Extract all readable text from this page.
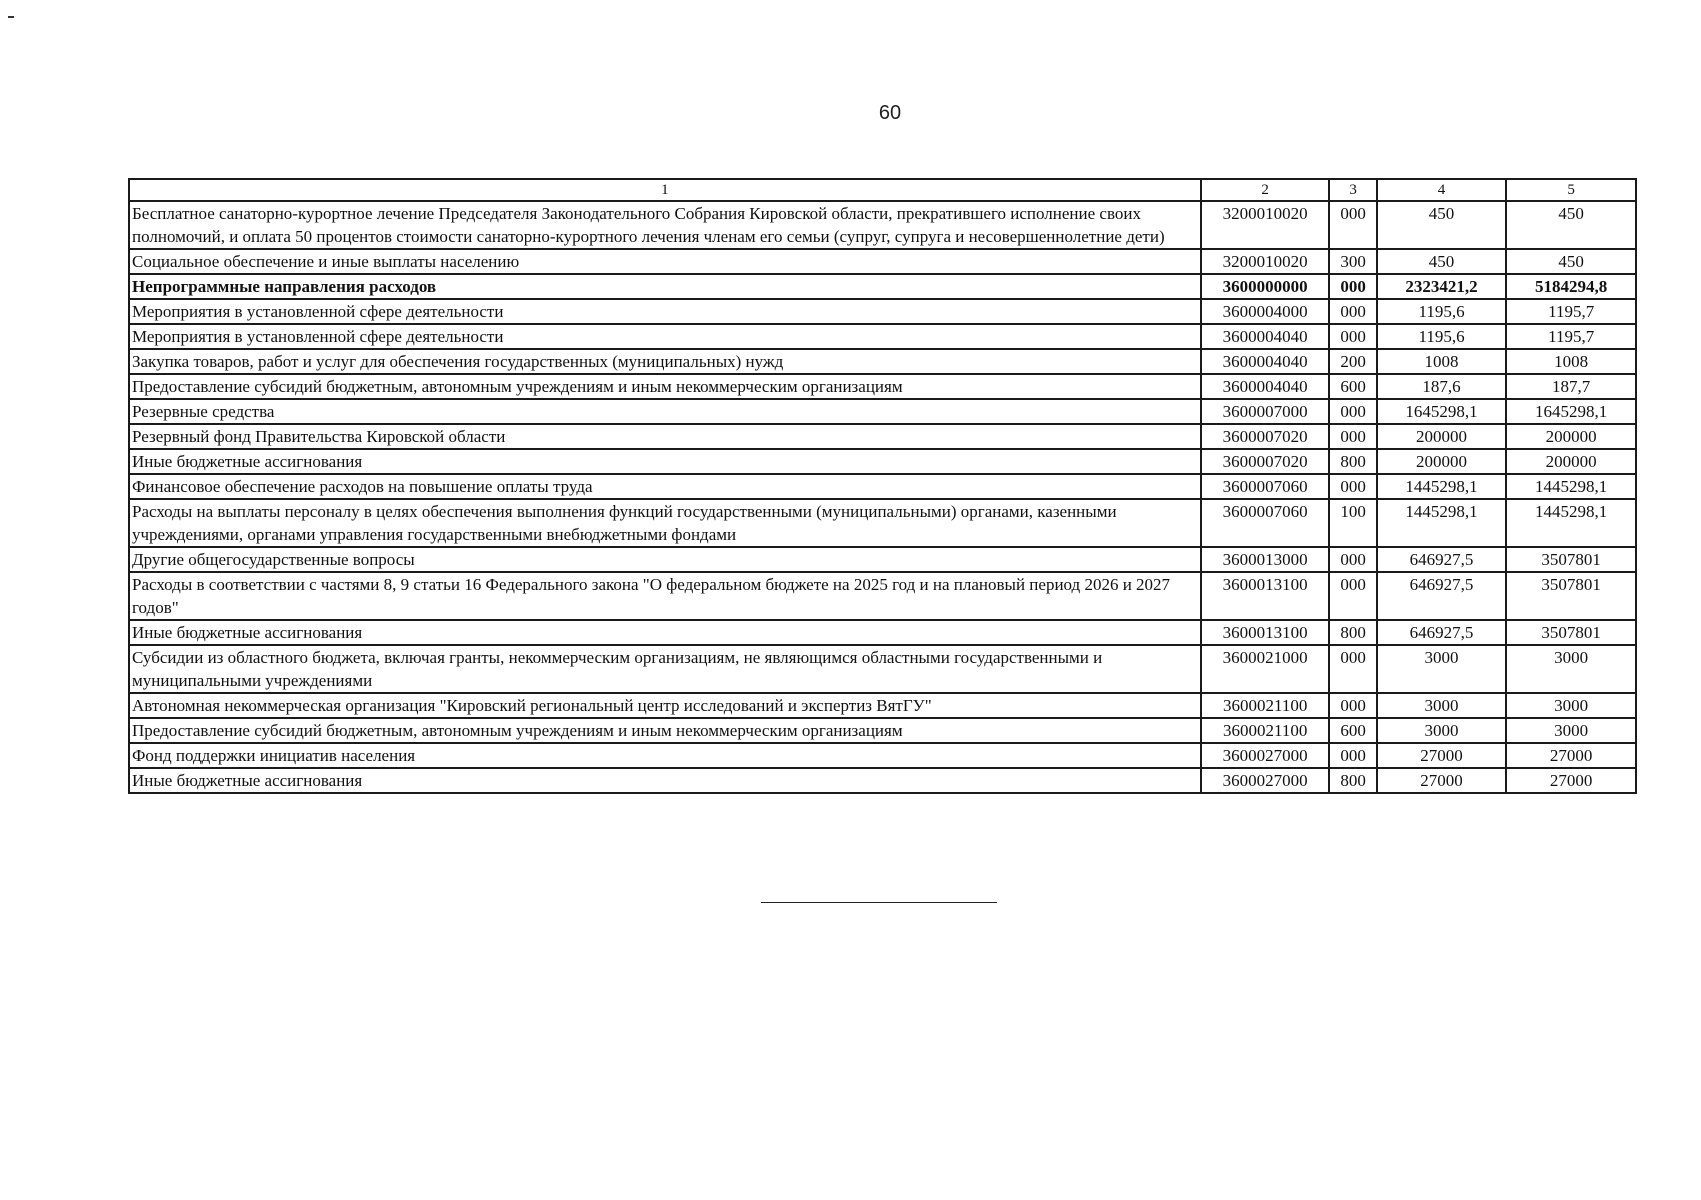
60
1	2	3	4	5
Бесплатное санаторно-курортное лечение Председателя Законодательного Собрания Кировской области, прекратившего исполнение своих полномочий, и оплата 50 процентов стоимости санаторно-курортного лечения членам его семьи (супруг, супруга и несовершеннолетние дети)	3200010020	000	450	450
Социальное обеспечение и иные выплаты населению	3200010020	300	450	450
Непрограммные направления расходов	3600000000	000	2323421,2	5184294,8
Мероприятия в установленной сфере деятельности	3600004000	000	1195,6	1195,7
Мероприятия в установленной сфере деятельности	3600004040	000	1195,6	1195,7
Закупка товаров, работ и услуг для обеспечения государственных (муниципальных) нужд	3600004040	200	1008	1008
Предоставление субсидий бюджетным, автономным учреждениям и иным некоммерческим организациям	3600004040	600	187,6	187,7
Резервные средства	3600007000	000	1645298,1	1645298,1
Резервный фонд Правительства Кировской области	3600007020	000	200000	200000
Иные бюджетные ассигнования	3600007020	800	200000	200000
Финансовое обеспечение расходов на повышение оплаты труда	3600007060	000	1445298,1	1445298,1
Расходы на выплаты персоналу в целях обеспечения выполнения функций государственными (муниципальными) органами, казенными учреждениями, органами управления государственными внебюджетными фондами	3600007060	100	1445298,1	1445298,1
Другие общегосударственные вопросы	3600013000	000	646927,5	3507801
Расходы в соответствии с частями 8, 9 статьи 16 Федерального закона "О федеральном бюджете на 2025 год и на плановый период 2026 и 2027 годов"	3600013100	000	646927,5	3507801
Иные бюджетные ассигнования	3600013100	800	646927,5	3507801
Субсидии из областного бюджета, включая гранты, некоммерческим организациям, не являющимся областными государственными и муниципальными учреждениями	3600021000	000	3000	3000
Автономная некоммерческая организация "Кировский региональный центр исследований и экспертиз ВятГУ"	3600021100	000	3000	3000
Предоставление субсидий бюджетным, автономным учреждениям и иным некоммерческим организациям	3600021100	600	3000	3000
Фонд поддержки инициатив населения	3600027000	000	27000	27000
Иные бюджетные ассигнования	3600027000	800	27000	27000
